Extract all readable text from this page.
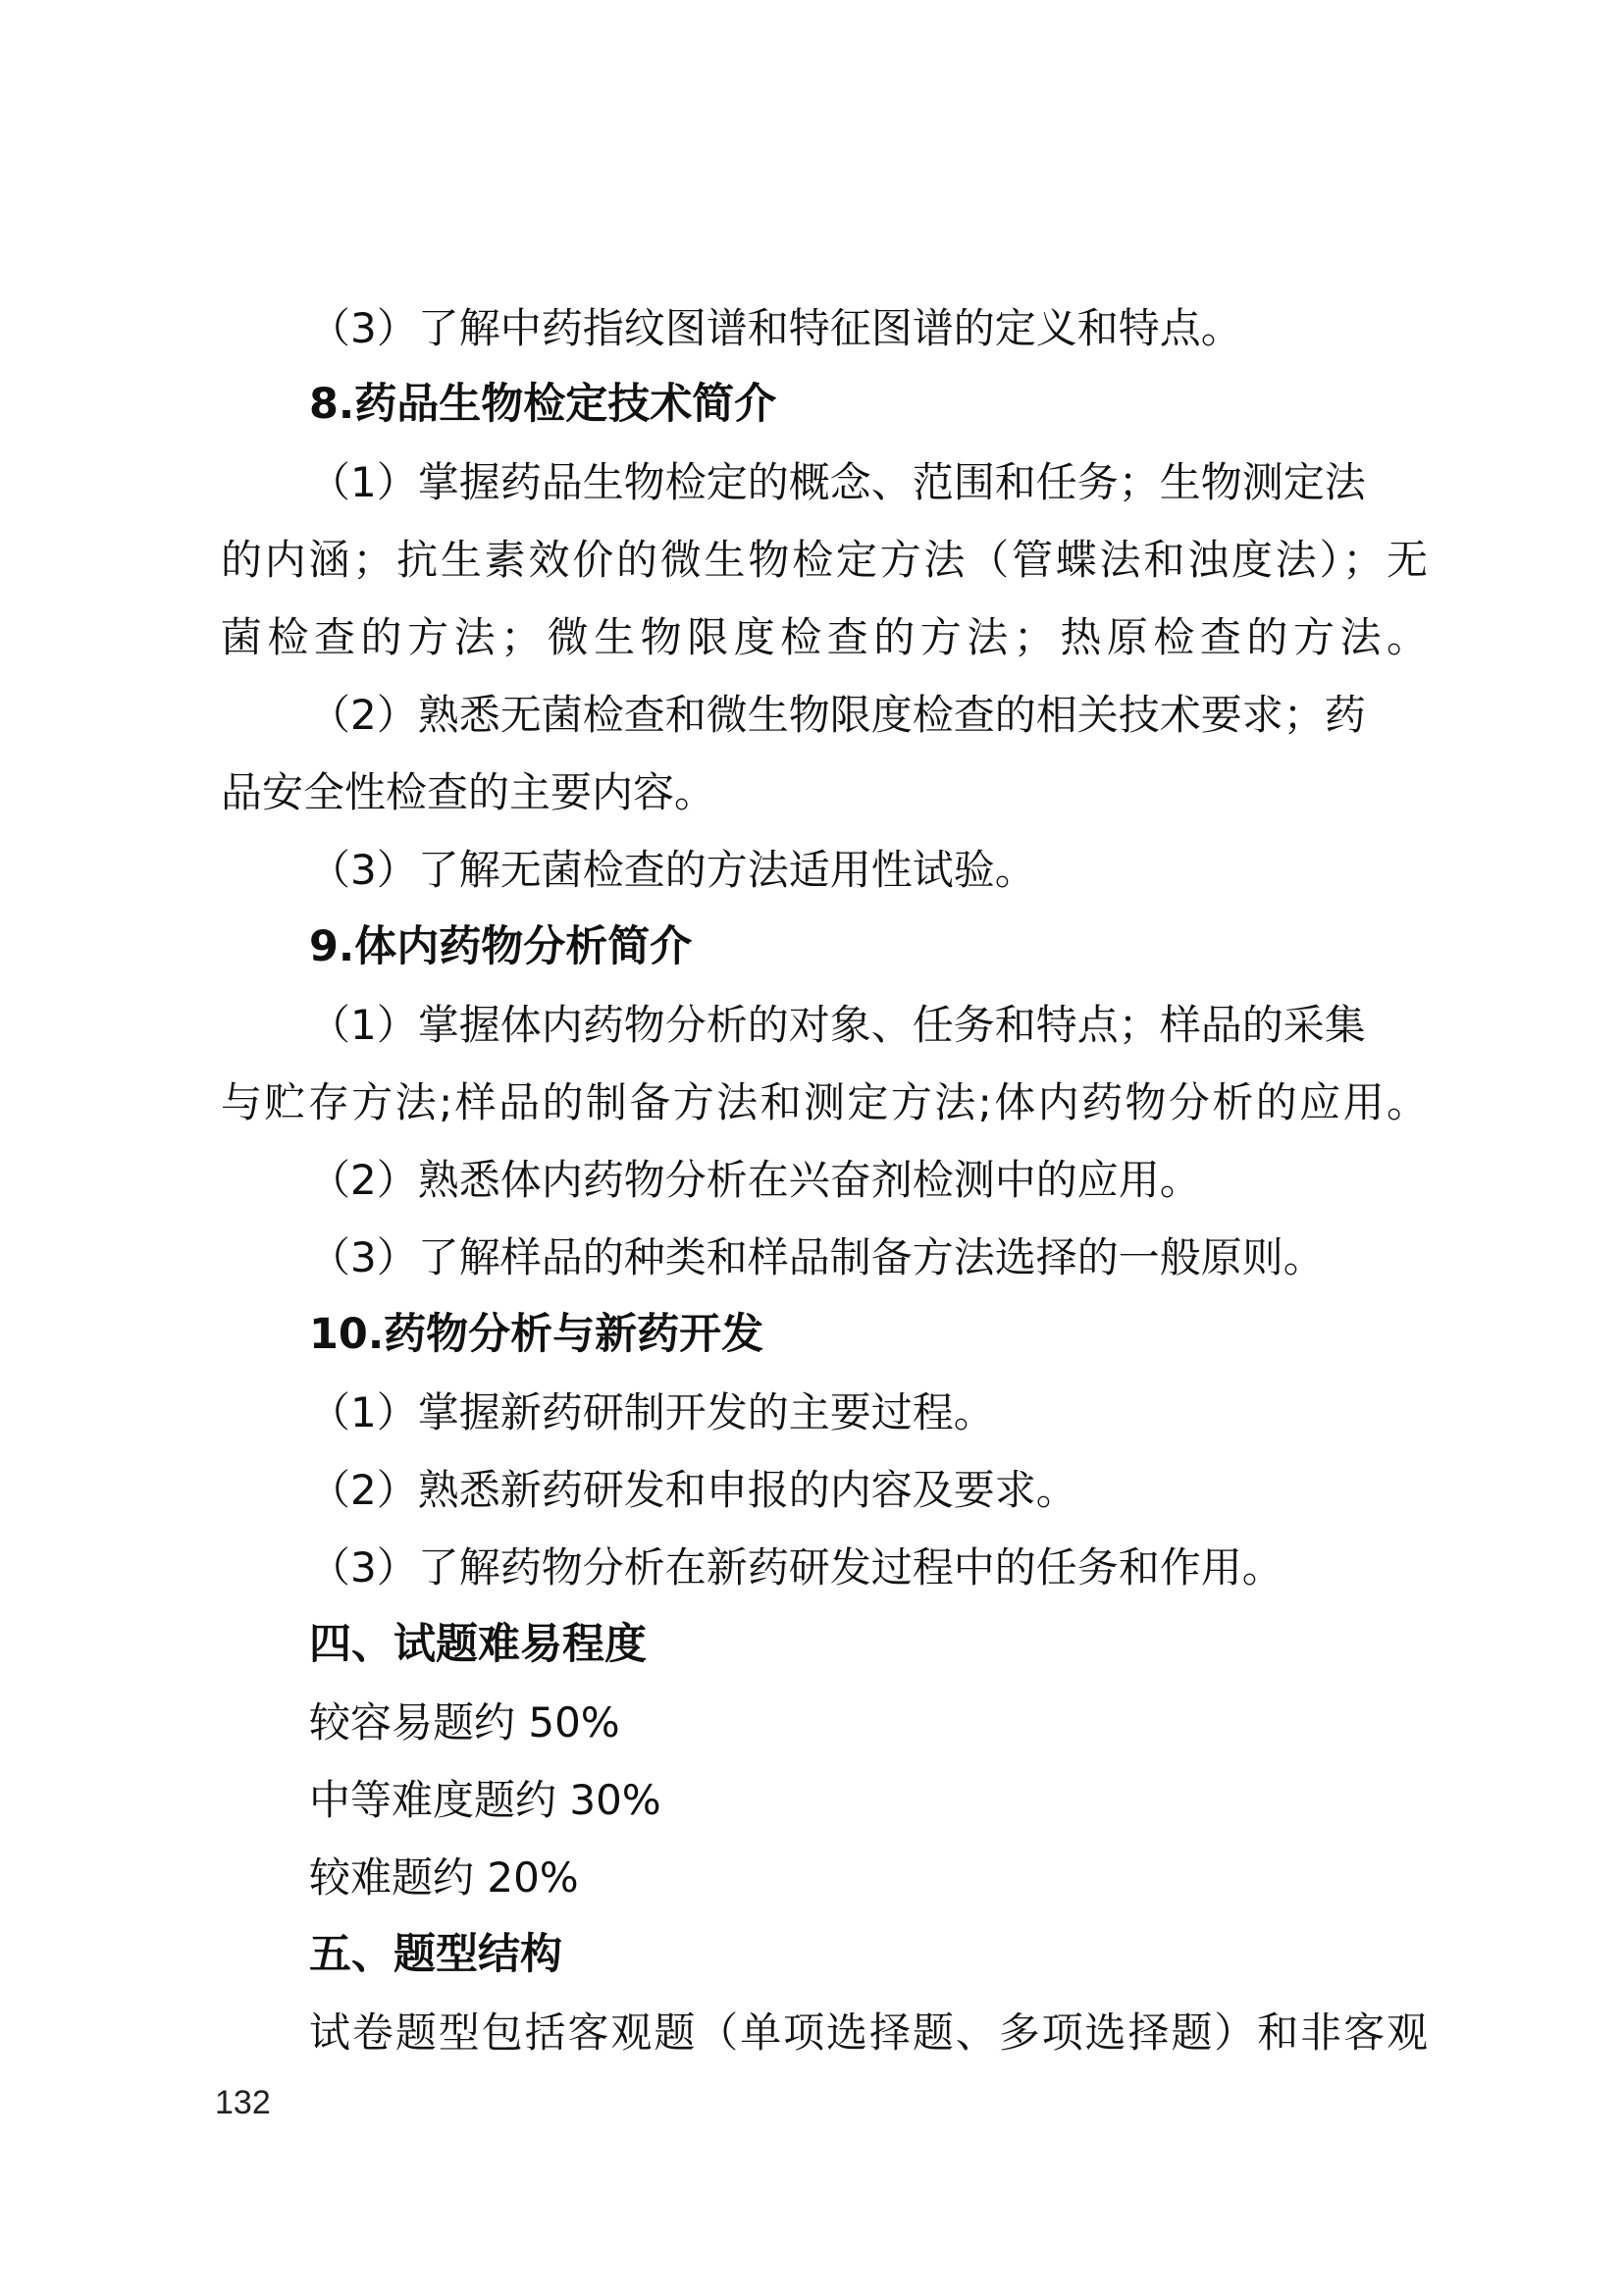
（3）了解中药指纹图谱和特征图谱的定义和特点。
8.药品生物检定技术简介
（1）掌握药品生物检定的概念、范围和任务；生物测定法
的内涵；抗生素效价的微生物检定方法（管蝶法和浊度法）；无
菌检查的方法；微生物限度检查的方法；热原检查的方法。
（2）熟悉无菌检查和微生物限度检查的相关技术要求；药
品安全性检查的主要内容。
（3）了解无菌检查的方法适用性试验。
9.体内药物分析简介
（1）掌握体内药物分析的对象、任务和特点；样品的采集
与贮存方法;样品的制备方法和测定方法;体内药物分析的应用。
（2）熟悉体内药物分析在兴奋剂检测中的应用。
（3）了解样品的种类和样品制备方法选择的一般原则。
10.药物分析与新药开发
（1）掌握新药研制开发的主要过程。
（2）熟悉新药研发和申报的内容及要求。
（3）了解药物分析在新药研发过程中的任务和作用。
四、试题难易程度
较容易题约 50%
中等难度题约 30%
较难题约 20%
五、题型结构
试卷题型包括客观题（单项选择题、多项选择题）和非客观
132
